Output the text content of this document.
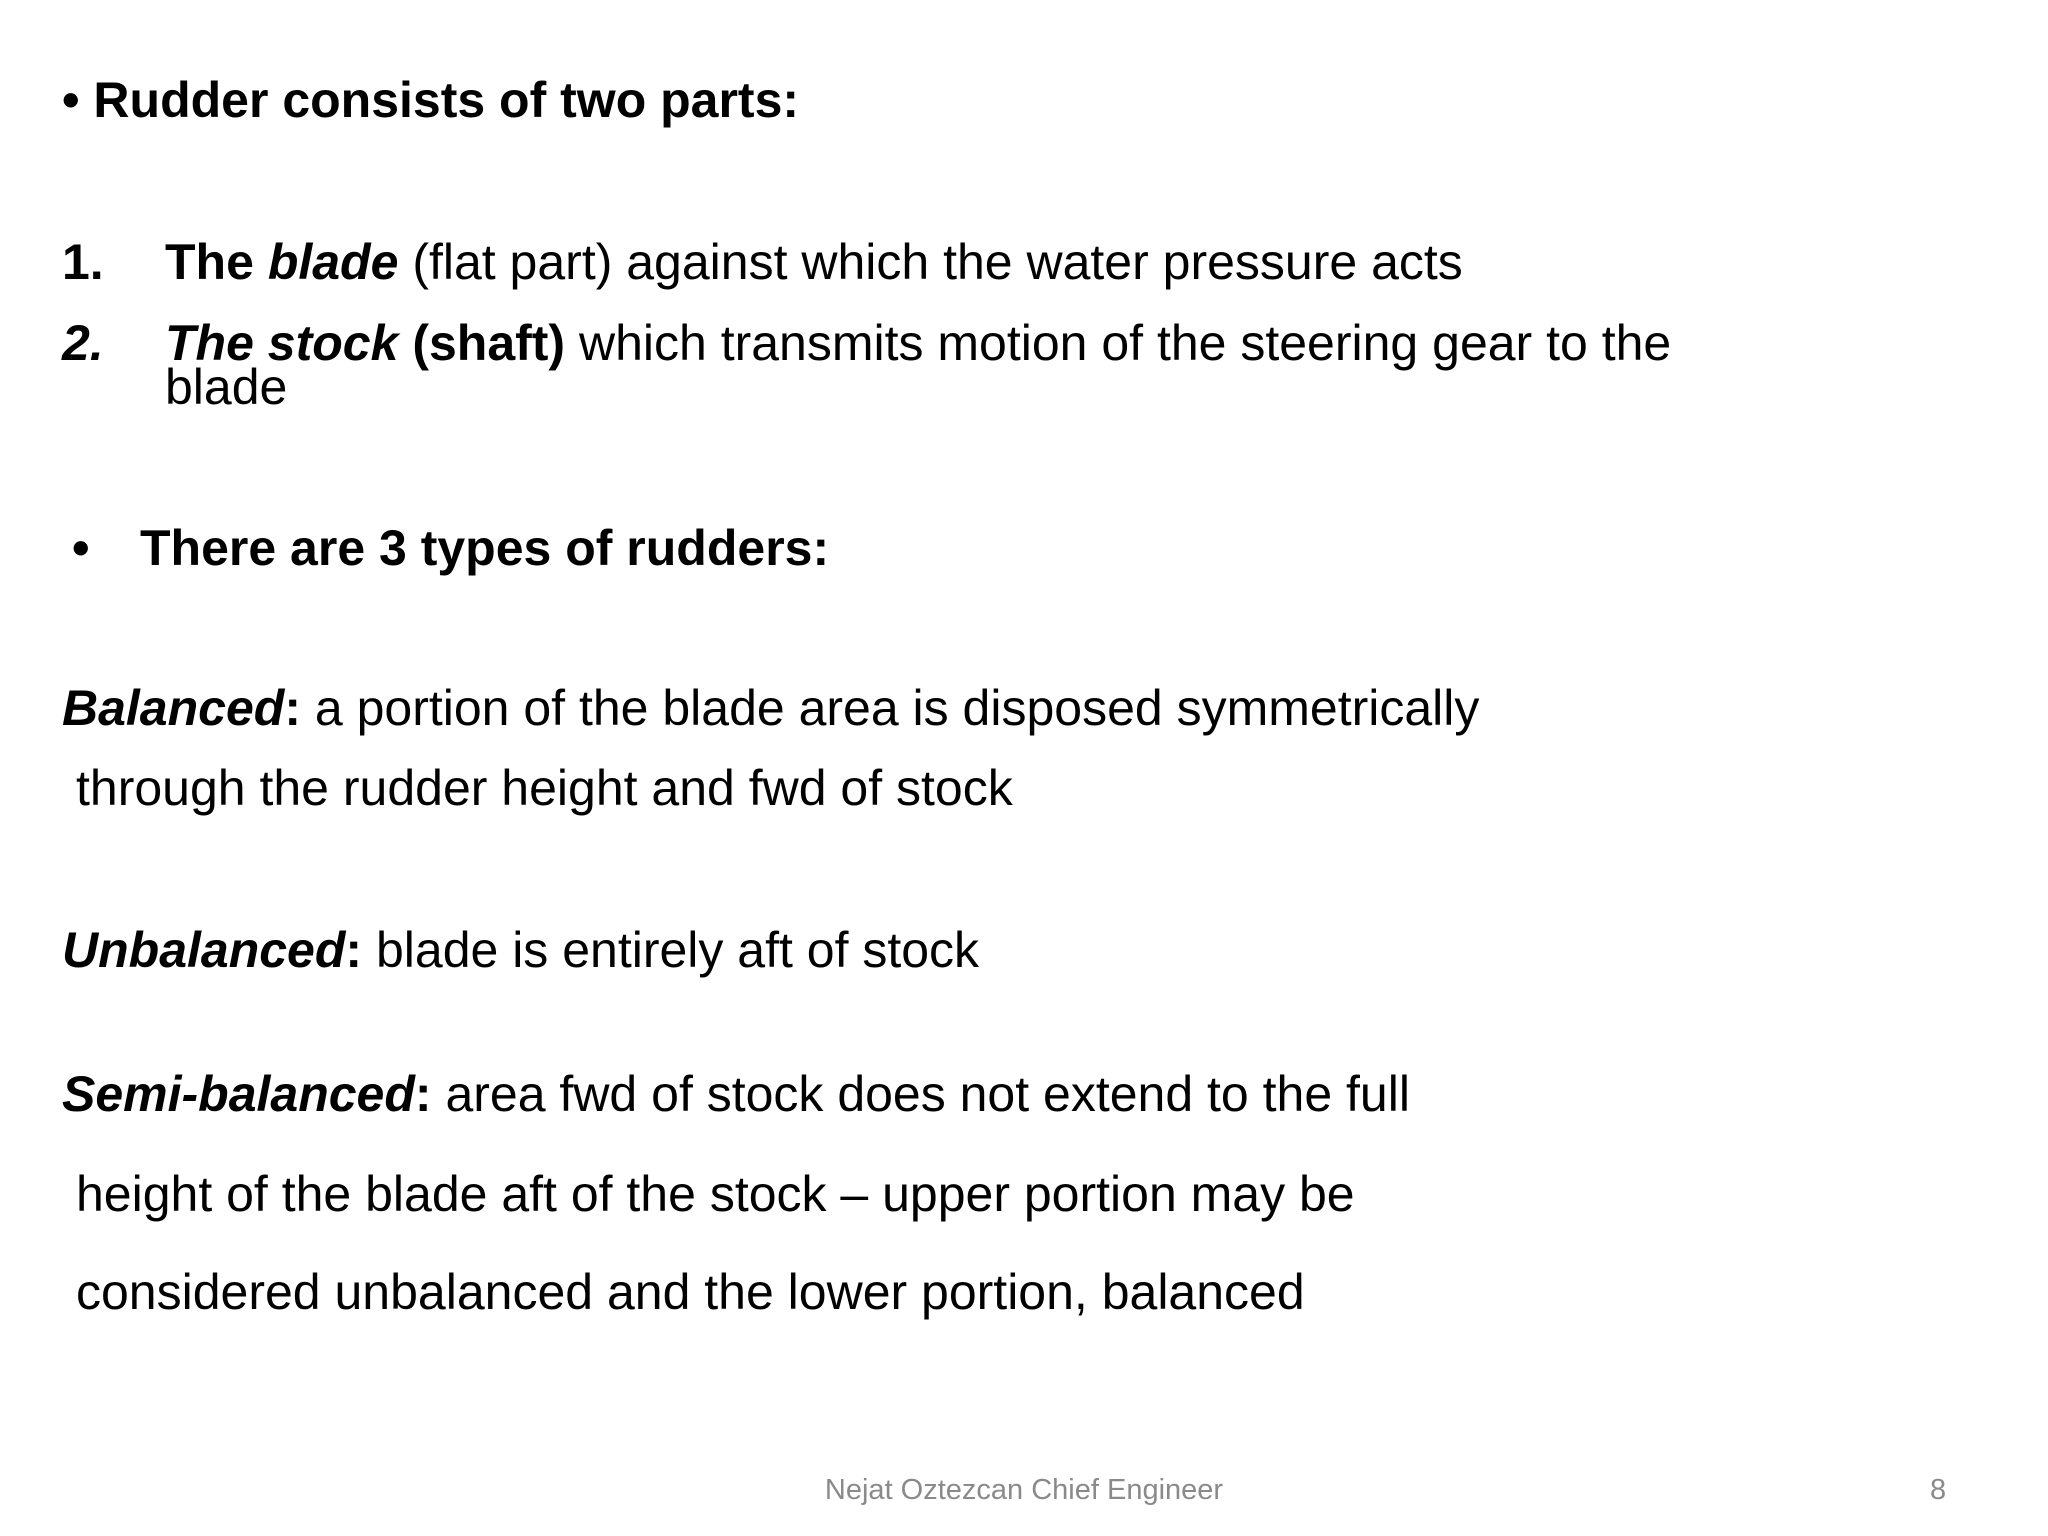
• Rudder consists of two parts:
1. The blade (flat part) against which the water pressure acts
2. The stock (shaft) which transmits motion of the steering gear to the
blade
• There are 3 types of rudders:
Balanced: a portion of the blade area is disposed symmetrically
through the rudder height and fwd of stock
Unbalanced: blade is entirely aft of stock
Semi-balanced: area fwd of stock does not extend to the full
height of the blade aft of the stock – upper portion may be
considered unbalanced and the lower portion, balanced
Nejat Oztezcan Chief Engineer	8
